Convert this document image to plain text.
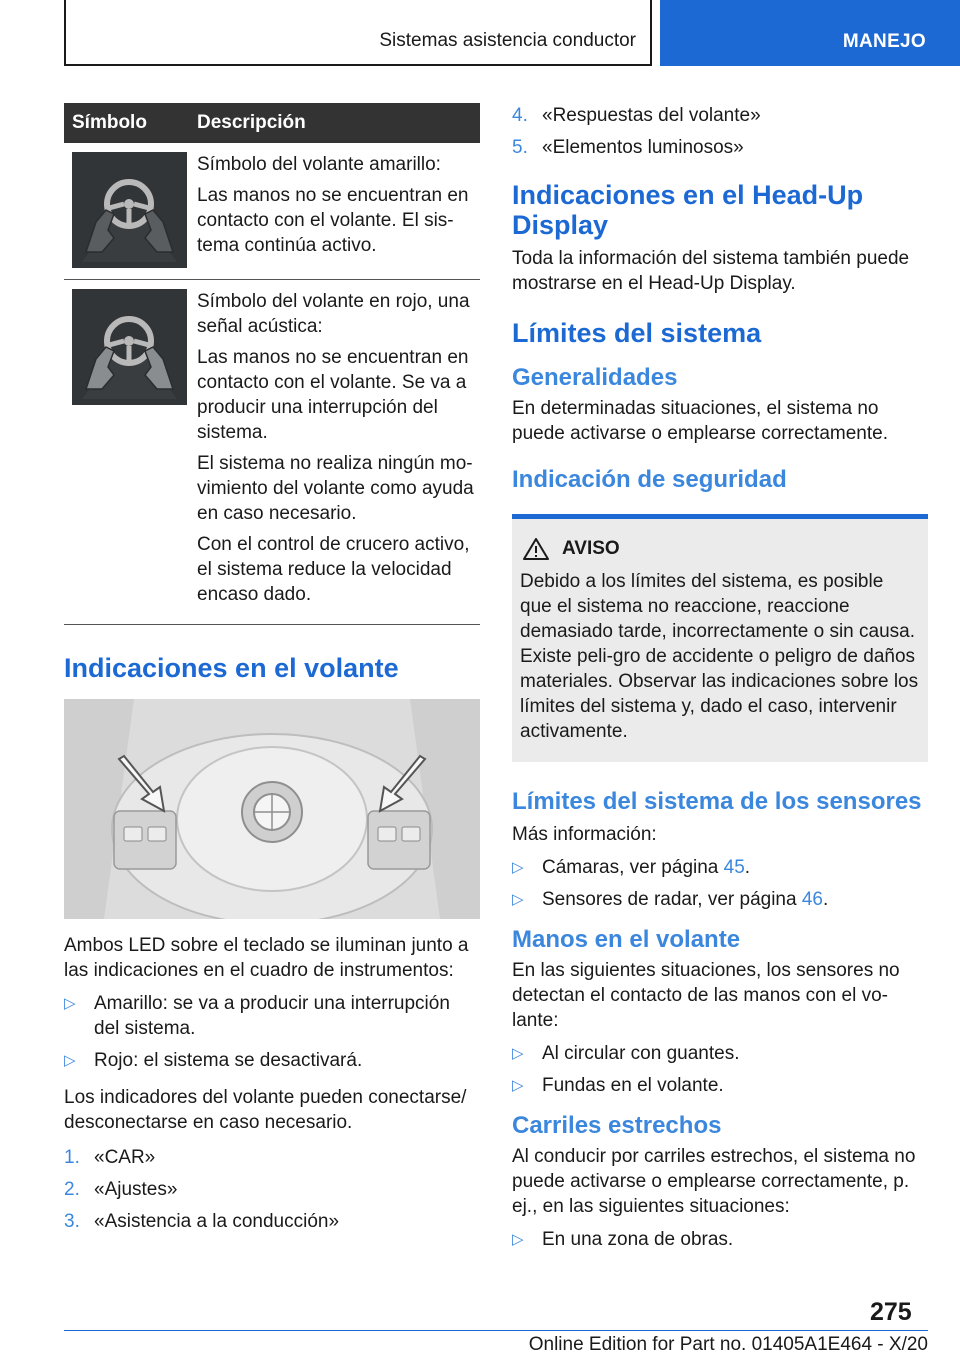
Sistemas asistencia conductor	MANEJO
Símbolo	Descripción

Símbolo del volante amarillo:

Las manos no se encuentran en contacto con el volante. El sis-tema continúa activo.

Símbolo del volante en rojo, una señal acústica:

Las manos no se encuentran en contacto con el volante. Se va a producir una interrupción del sistema.

El sistema no realiza ningún mo-vimiento del volante como ayuda en caso necesario.

Con el control de crucero activo, el sistema reduce la velocidad encaso dado.

Indicaciones en el volante

Ambos LED sobre el teclado se iluminan junto a las indicaciones en el cuadro de instrumentos:

▷ Amarillo: se va a producir una interrupción del sistema.
▷ Rojo: el sistema se desactivará.

Los indicadores del volante pueden conectarse/ desconectarse en caso necesario.

1. «CAR»
2. «Ajustes»
3. «Asistencia a la conducción»
4. «Respuestas del volante»
5. «Elementos luminosos»
Indicaciones en el Head-Up Display

Toda la información del sistema también puede mostrarse en el Head-Up Display.

Límites del sistema
Generalidades

En determinadas situaciones, el sistema no puede activarse o emplearse correctamente.

Indicación de seguridad
AVISO

Debido a los límites del sistema, es posible que el sistema no reaccione, reaccione demasiado tarde, incorrectamente o sin causa. Existe peli-gro de accidente o peligro de daños materiales. Observar las indicaciones sobre los límites del sistema y, dado el caso, intervenir activamente.

Límites del sistema de los sensores

Más información:

▷ Cámaras, ver página 45.
▷ Sensores de radar, ver página 46.
Manos en el volante

En las siguientes situaciones, los sensores no detectan el contacto de las manos con el vo-lante:

▷ Al circular con guantes.
▷ Fundas en el volante.
Carriles estrechos

Al conducir por carriles estrechos, el sistema no puede activarse o emplearse correctamente, p. ej., en las siguientes situaciones:

▷ En una zona de obras.
275
Online Edition for Part no. 01405A1E464 - X/20
